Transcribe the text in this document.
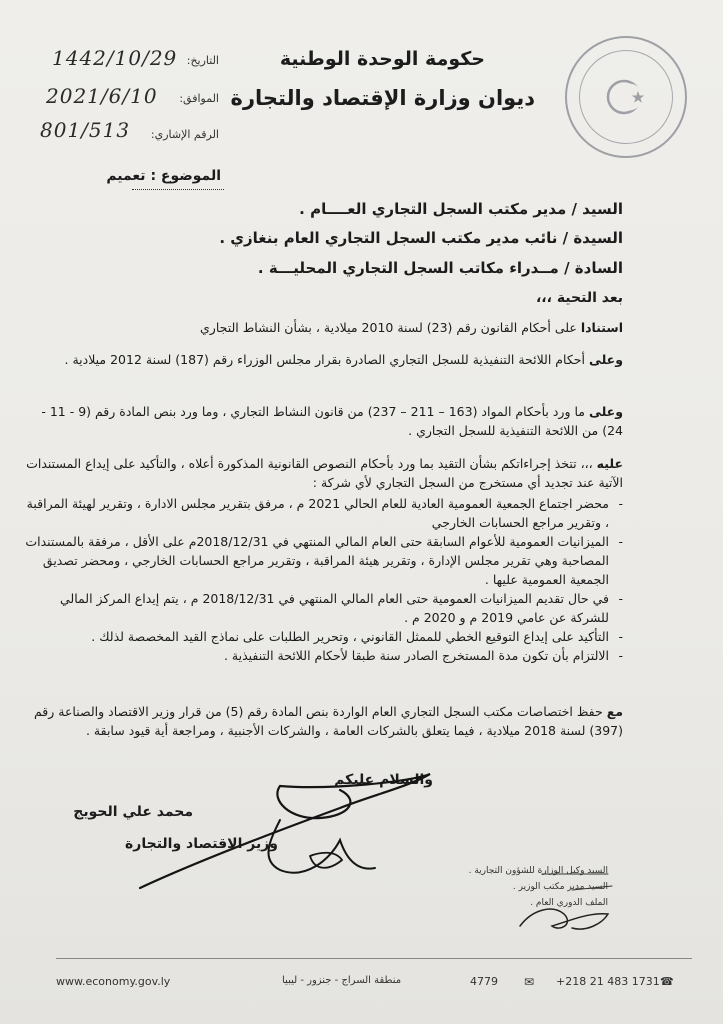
حكومة الوحدة الوطنية
ديوان وزارة الإقتصاد والتجارة
التاريخ:
1442/10/29
الموافق:
2021/6/10
الرقم الإشاري:
801/513
الموضوع : تعميم
السيد / مدير مكتب السجل التجاري العــــام .
السيدة / نائب مدير مكتب السجل التجاري العام بنغازي .
السادة / مــدراء مكاتب السجل التجاري المحليـــة .
بعد التحية ،،،
استنادا على أحكام القانون رقم (23) لسنة 2010 ميلادية ، بشأن النشاط التجاري
وعلى أحكام اللائحة التنفيذية للسجل التجاري الصادرة بقرار مجلس الوزراء رقم (187) لسنة 2012 ميلادية .
وعلى ما ورد بأحكام المواد (163 – 211 – 237) من قانون النشاط التجاري ، وما ورد بنص المادة رقم (9 - 11 - 24) من اللائحة التنفيذية للسجل التجاري .
عليه ،،، تتخذ إجراءاتكم بشأن التقيد بما ورد بأحكام النصوص القانونية المذكورة أعلاه ، والتأكيد على إيداع المستندات الآتية عند تجديد أي مستخرج من السجل التجاري لأي شركة :
- محضر اجتماع الجمعية العمومية العادية للعام الحالي 2021 م ، مرفق بتقرير مجلس الادارة ، وتقرير لهيئة المراقبة ، وتقرير مراجع الحسابات الخارجي
- الميزانيات العمومية للأعوام السابقة حتى العام المالي المنتهي في 2018/12/31م على الأقل ، مرفقة بالمستندات المصاحبة وهي تقرير مجلس الإدارة ، وتقرير هيئة المراقبة ، وتقرير مراجع الحسابات الخارجي ، ومحضر تصديق الجمعية العمومية عليها .
- في حال تقديم الميزانيات العمومية حتى العام المالي المنتهي في 2018/12/31 م ، يتم إيداع المركز المالي للشركة عن عامي 2019 م و 2020 م .
- التأكيد على إيداع التوقيع الخطي للممثل القانوني ، وتحرير الطلبات على نماذج القيد المخصصة لذلك .
- الالتزام بأن تكون مدة المستخرج الصادر سنة طبقا لأحكام اللائحة التنفيذية .
مع حفظ اختصاصات مكتب السجل التجاري العام الواردة بنص المادة رقم (5) من قرار وزير الاقتصاد والصناعة رقم (397) لسنة 2018 ميلادية ، فيما يتعلق بالشركات العامة ، والشركات الأجنبية ، ومراجعة أية قيود سابقة .
والسلام عليكم
محمد علي الحويج
وزير الاقتصاد والتجارة
السيد وكيل الوزارة للشؤون التجارية .
السيد مدير مكتب الوزير .
الملف الدوري العام .
www.economy.gov.ly	منطقة السراج - جنزور - ليبيا	4779 ✉ +218 21 483 1731 ☎
